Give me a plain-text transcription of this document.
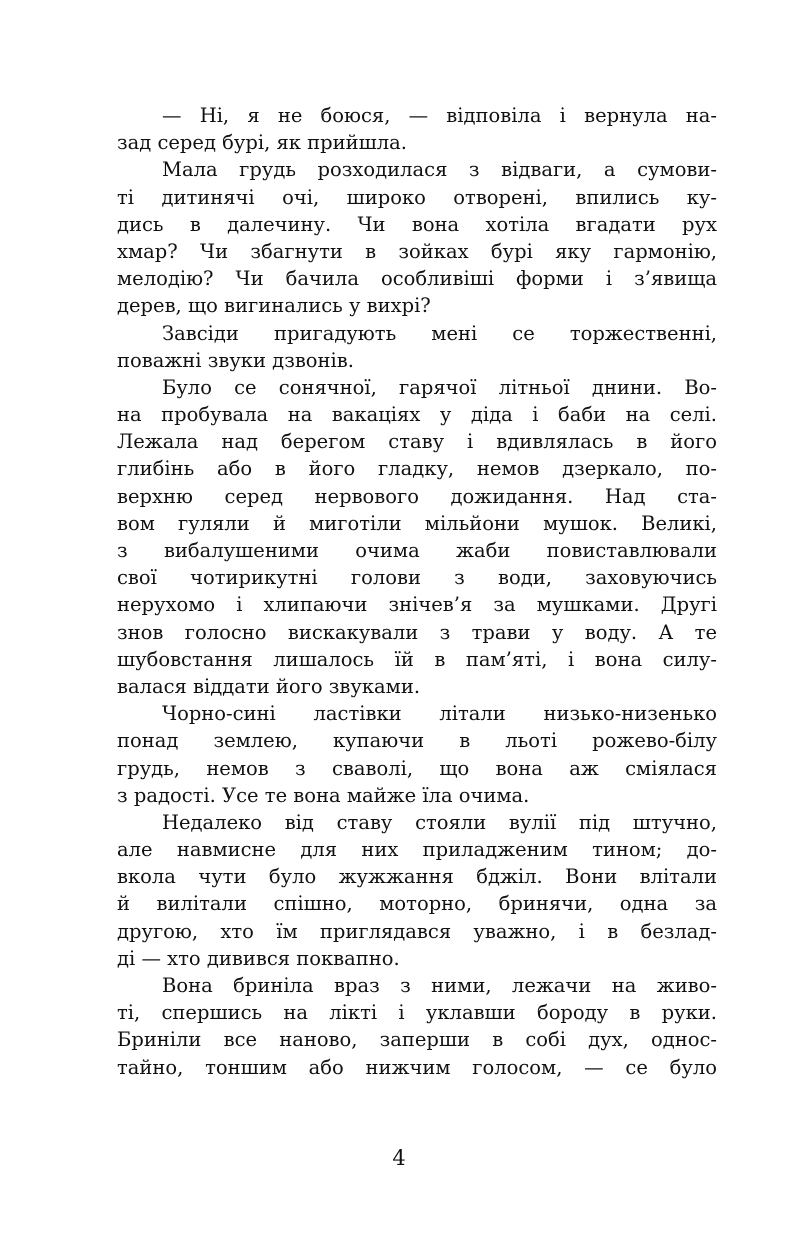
— Ні, я не боюся, — відповіла і вернула на-
зад серед бурі, як прийшла.
Мала грудь розходилася з відваги, а сумови-
ті дитинячі очі, широко отворені, впились ку-
дись в далечину. Чи вона хотіла вгадати рух
хмар? Чи збагнути в зойках бурі яку гармонію,
мелодію? Чи бачила особливіші форми і з’явища
дерев, що вигинались у вихрі?
Завсіди пригадують мені се торжественні,
поважні звуки дзвонів.
Було се сонячної, гарячої літньої днини. Во-
на пробувала на вакаціях у діда і баби на селі.
Лежала над берегом ставу і вдивлялась в його
глибінь або в його гладку, немов дзеркало, по-
верхню серед нервового дожидання. Над ста-
вом гуляли й миготіли мільйони мушок. Великі,
з вибалушеними очима жаби повиставлювали
свої чотирикутні голови з води, заховуючись
нерухомо і хлипаючи знічев’я за мушками. Другі
знов голосно вискакували з трави у воду. А те
шубовстання лишалось їй в пам’яті, і вона силу-
валася віддати його звуками.
Чорно-сині ластівки літали низько-низенько
понад землею, купаючи в льоті рожево-білу
грудь, немов з сваволі, що вона аж сміялася
з радості. Усе те вона майже їла очима.
Недалеко від ставу стояли вулії під штучно,
але навмисне для них приладженим тином; до-
вкола чути було жужжання бджіл. Вони влітали
й вилітали спішно, моторно, бринячи, одна за
другою, хто їм приглядався уважно, і в безлад-
ді — хто дивився поквапно.
Вона бриніла враз з ними, лежачи на живо-
ті, спершись на лікті і уклавши бороду в руки.
Бриніли все наново, заперши в собі дух, однос-
тайно, тоншим або нижчим голосом, — се було
4
